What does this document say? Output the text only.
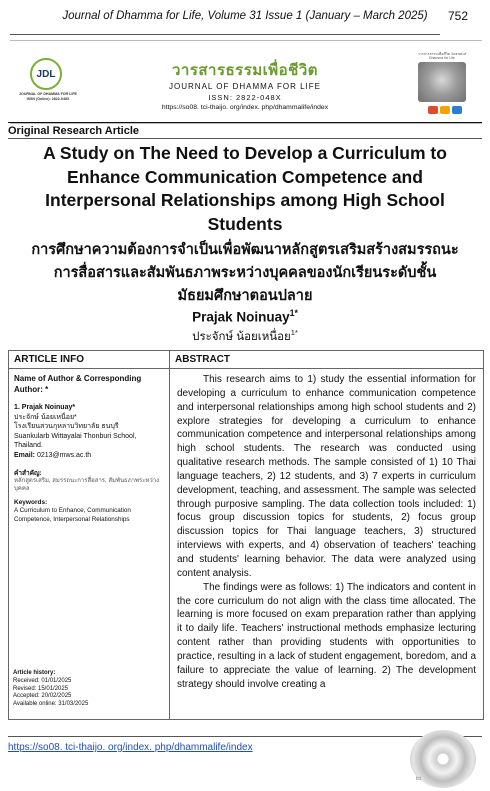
Journal of Dhamma for Life, Volume 31 Issue 1 (January – March 2025)	752
JDL
JOURNAL OF DHAMMA FOR LIFE ISSN (Online): 2822-048X
วารสารธรรมเพื่อชีวิต
JOURNAL OF DHAMMA FOR LIFE
ISSN: 2822-048X
https://so08. tci-thaijo. org/index. php/dhammalife/index
วารสารธรรมเพื่อชีวิต Journal of Dhamma for Life
Original Research Article
A Study on The Need to Develop a Curriculum to Enhance Communication Competence and Interpersonal Relationships among High School Students
การศึกษาความต้องการจำเป็นเพื่อพัฒนาหลักสูตรเสริมสร้างสมรรถนะการสื่อสารและสัมพันธภาพระหว่างบุคคลของนักเรียนระดับชั้นมัธยมศึกษาตอนปลาย
Prajak Noinuay$^{1*}$
ประจักษ์ น้อยเหนื่อย$^{1*}$
ARTICLE INFO
Name of Author & Corresponding Author: *
1. Prajak Noinuay*
ประจักษ์ น้อยเหนื่อย*
โรงเรียนสวนกุหลาบวิทยาลัย ธนบุรี
Suankularb Wittayalai Thonburi School, Thailand.
Email: 0213@mws.ac.th
คำสำคัญ:
หลักสูตรเสริม, สมรรถนะการสื่อสาร, สัมพันธภาพระหว่างบุคคล
Keywords:
A Curriculum to Enhance, Communication Competence, Interpersonal Relationships
Article history:
Received: 01/01/2025
Revised: 15/01/2025
Accepted: 20/02/2025
Available online: 31/03/2025
ABSTRACT

This research aims to 1) study the essential information for developing a curriculum to enhance communication competence and interpersonal relationships among high school students and 2) explore strategies for developing a curriculum to enhance communication competence and interpersonal relationships among high school students. The research was conducted using qualitative research methods. The sample consisted of 1) 10 Thai language teachers, 2) 12 students, and 3) 7 experts in curriculum development, teaching, and assessment. The sample was selected through purposive sampling. The data collection tools included: 1) focus group discussion topics for students, 2) focus group discussion topics for Thai language teachers, 3) structured interviews with experts, and 4) observation of teachers' teaching and students' learning behavior. The data were analyzed using content analysis.

The findings were as follows: 1) The indicators and content in the core curriculum do not align with the class time allocated. The learning is more focused on exam preparation rather than applying it to daily life. Teachers' instructional methods emphasize lecturing content rather than providing students with opportunities to practice, resulting in a lack of student engagement, boredom, and a failure to appreciate the value of learning. 2) The development strategy should involve creating a

https://so08. tci-thaijo. org/index. php/dhammalife/index
tci
